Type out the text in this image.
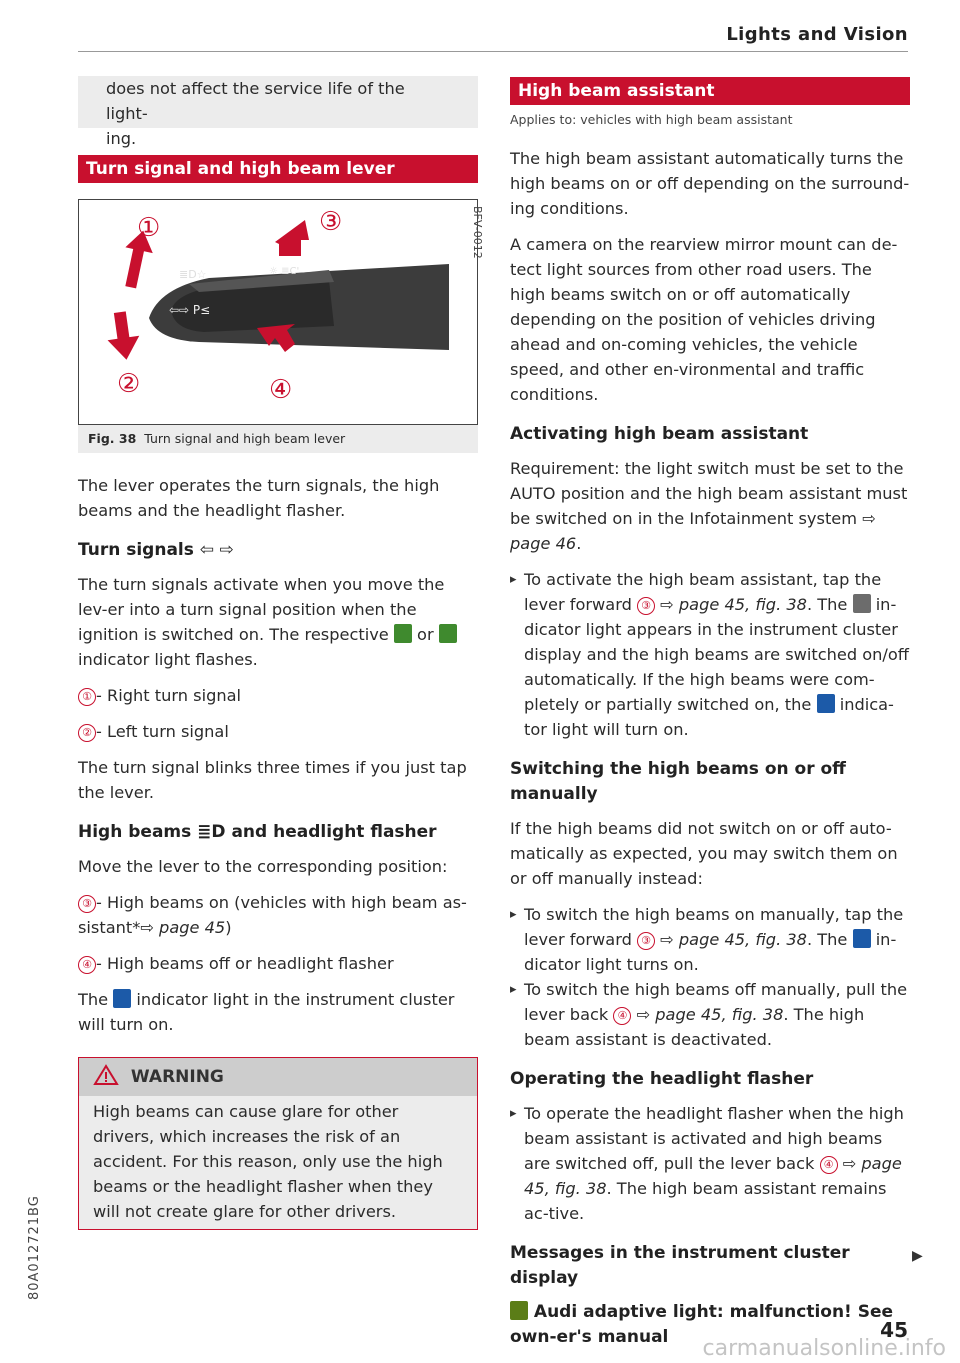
Lights and Vision

does not affect the service life of the light-
ing.

Turn signal and high beam lever
≣D☆	☼ ≣C'
⇦⇨ P≤
①	③
②	④
BFV-0012
Fig. 38 Turn signal and high beam lever

The lever operates the turn signals, the high beams and the headlight flasher.

Turn signals ⇦ ⇨

The turn signals activate when you move the lev-er into a turn signal position when the ignition is switched on. The respective or  indicator light flashes.

① - Right turn signal

② - Left turn signal

The turn signal blinks three times if you just tap the lever.

High beams ≣D and headlight flasher

Move the lever to the corresponding position:

③ - High beams on (vehicles with high beam as-sistant*⇨ page 45)

④ - High beams off or headlight flasher

The indicator light in the instrument cluster will turn on.

WARNING

High beams can cause glare for other drivers, which increases the risk of an accident. For this reason, only use the high beams or the headlight flasher when they will not create glare for other drivers.

High beam assistant

Applies to: vehicles with high beam assistant

The high beam assistant automatically turns the high beams on or off depending on the surround-ing conditions.

A camera on the rearview mirror mount can de-tect light sources from other road users. The high beams switch on or off automatically depending on the position of vehicles driving ahead and on-coming vehicles, the vehicle speed, and other en-vironmental and traffic conditions.

Activating high beam assistant

Requirement: the light switch must be set to the AUTO position and the high beam assistant must be switched on in the Infotainment system ⇨ page 46.

▸ To activate the high beam assistant, tap the lever forward ③ ⇨ page 45, fig. 38. The in-dicator light appears in the instrument cluster display and the high beams are switched on/off automatically. If the high beams were com-pletely or partially switched on, the indica-tor light will turn on.

Switching the high beams on or off manually

If the high beams did not switch on or off auto-matically as expected, you may switch them on or off manually instead:

▸ To switch the high beams on manually, tap the lever forward ③ ⇨ page 45, fig. 38. The in-dicator light turns on.
▸ To switch the high beams off manually, pull the lever back ④ ⇨ page 45, fig. 38. The high beam assistant is deactivated.

Operating the headlight flasher

▸ To operate the headlight flasher when the high beam assistant is activated and high beams are switched off, pull the lever back ④ ⇨ page 45, fig. 38. The high beam assistant remains ac-tive.

Messages in the instrument cluster display

Audi adaptive light: malfunction! See own-er's manual

▶
80A012721BG
45
carmanualsonline.info
